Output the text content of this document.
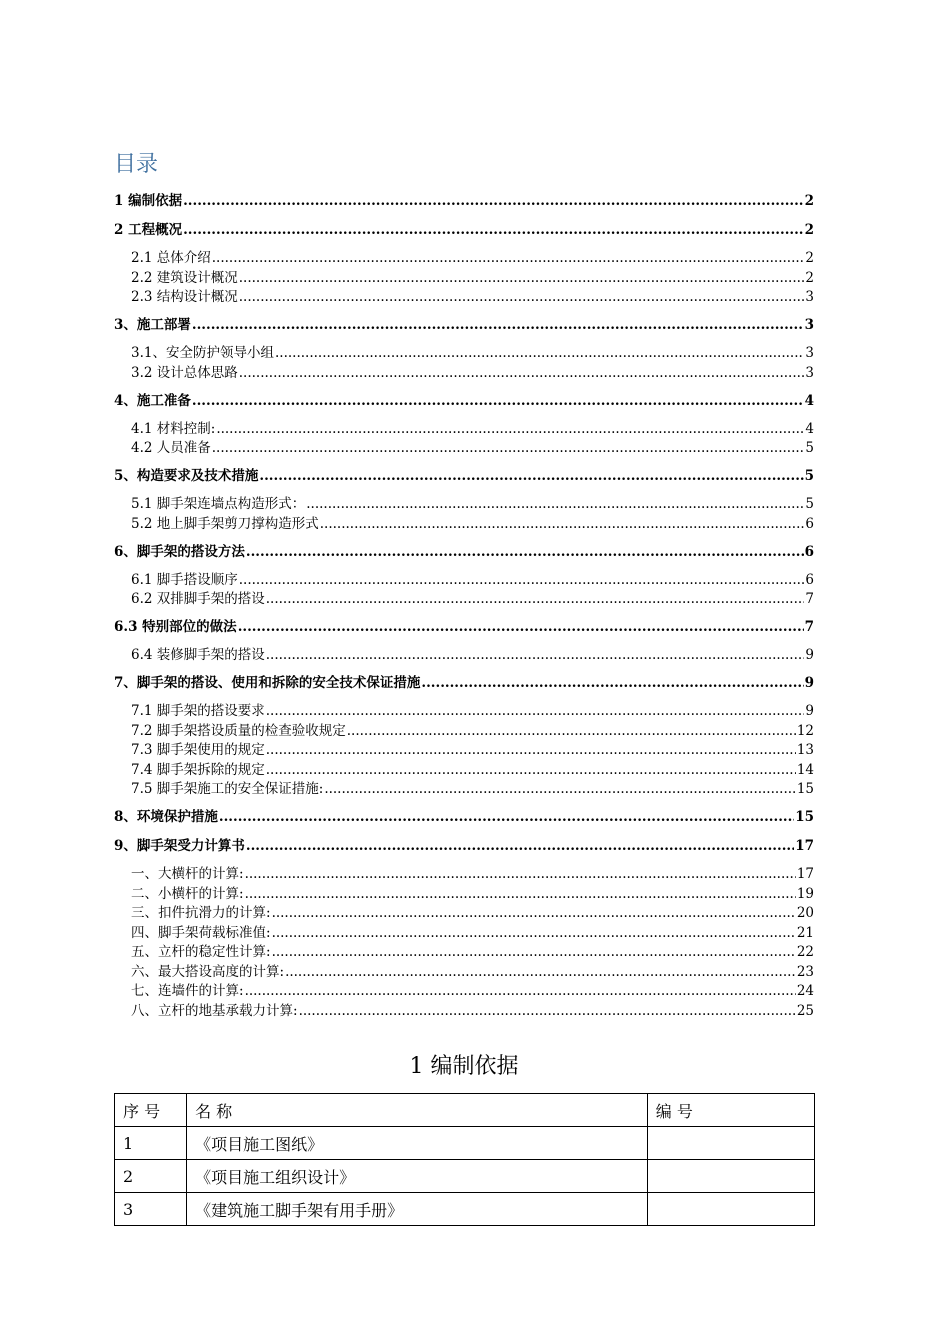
目录
1 编制依据 .....	2
2 工程概况 .....	2
2.1 总体介绍 .....	2
2.2 建筑设计概况 .....	2
2.3 结构设计概况 .....	3
3、施工部署 .....	3
3.1、安全防护领导小组 .....	3
3.2 设计总体思路 .....	3
4、施工准备 .....	4
4.1 材料控制: .....	4
4.2 人员准备 .....	5
5、构造要求及技术措施 .....	5
5.1 脚手架连墙点构造形式： .....	5
5.2 地上脚手架剪刀撑构造形式 .....	6
6、脚手架的搭设方法 .....	6
6.1 脚手搭设顺序 .....	6
6.2 双排脚手架的搭设 .....	7
6.3 特别部位的做法 .....	7
6.4 装修脚手架的搭设 .....	9
7、脚手架的搭设、使用和拆除的安全技术保证措施 .....	9
7.1 脚手架的搭设要求 .....	9
7.2 脚手架搭设质量的检查验收规定 .....	12
7.3 脚手架使用的规定 .....	13
7.4 脚手架拆除的规定 .....	14
7.5 脚手架施工的安全保证措施: .....	15
8、环境保护措施 .....	15
9、脚手架受力计算书 .....	17
一、大横杆的计算: .....	17
二、小横杆的计算: .....	19
三、扣件抗滑力的计算: .....	20
四、脚手架荷载标准值: .....	21
五、立杆的稳定性计算: .....	22
六、最大搭设高度的计算: .....	23
七、连墙件的计算: .....	24
八、立杆的地基承载力计算: .....	25
1 编制依据
序 号	名 称	编 号
1	《项目施工图纸》	
2	《项目施工组织设计》	
3	《建筑施工脚手架有用手册》	
